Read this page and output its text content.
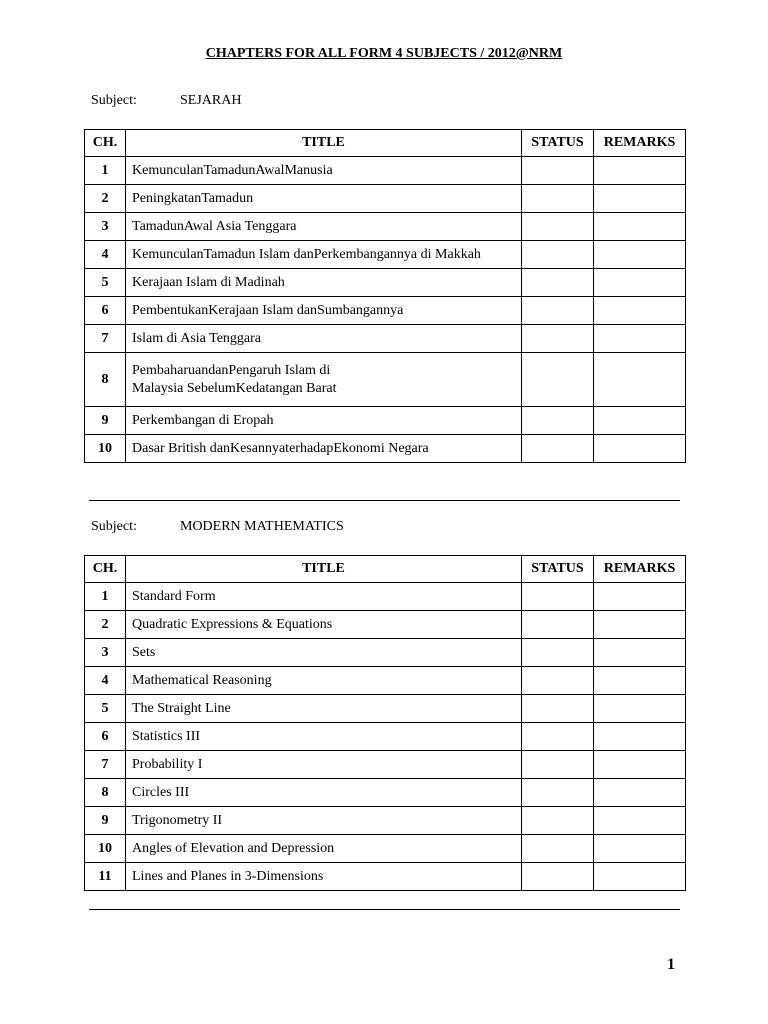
CHAPTERS FOR ALL FORM 4 SUBJECTS / 2012@NRM
Subject:	SEJARAH
CH.	TITLE	STATUS	REMARKS
1	KemunculanTamadunAwalManusia		
2	PeningkatanTamadun		
3	TamadunAwal Asia Tenggara		
4	KemunculanTamadun Islam danPerkembangannya di Makkah		
5	Kerajaan Islam di Madinah		
6	PembentukanKerajaan Islam danSumbangannya		
7	Islam di Asia Tenggara		
8	PembaharuandanPengaruh Islam di Malaysia SebelumKedatangan Barat		
9	Perkembangan di Eropah		
10	Dasar British danKesannyaterhadapEkonomi Negara		
Subject:	MODERN MATHEMATICS
CH.	TITLE	STATUS	REMARKS
1	Standard Form		
2	Quadratic Expressions & Equations		
3	Sets		
4	Mathematical Reasoning		
5	The Straight Line		
6	Statistics III		
7	Probability I		
8	Circles III		
9	Trigonometry II		
10	Angles of Elevation and Depression		
11	Lines and Planes in 3-Dimensions		
1
